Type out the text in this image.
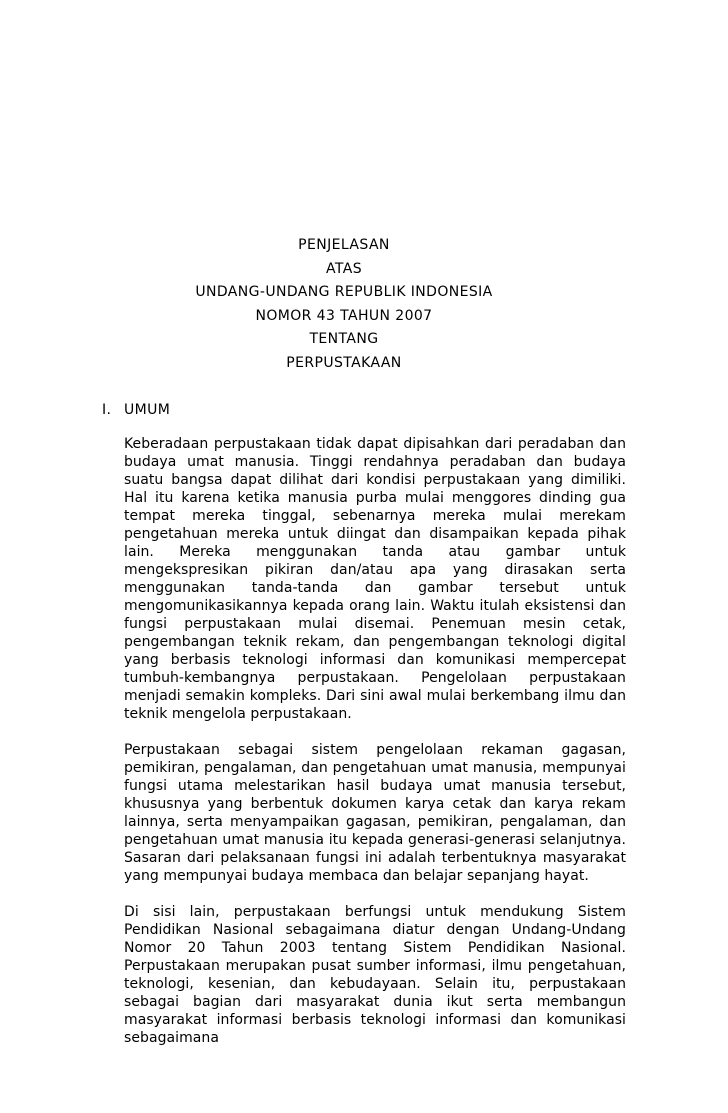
PENJELASAN
ATAS
UNDANG-UNDANG REPUBLIK INDONESIA
NOMOR 43 TAHUN 2007
TENTANG
PERPUSTAKAAN
I. UMUM

Keberadaan perpustakaan tidak dapat dipisahkan dari peradaban dan budaya umat manusia. Tinggi rendahnya peradaban dan budaya suatu bangsa dapat dilihat dari kondisi perpustakaan yang dimiliki. Hal itu karena ketika manusia purba mulai menggores dinding gua tempat mereka tinggal, sebenarnya mereka mulai merekam pengetahuan mereka untuk diingat dan disampaikan kepada pihak lain. Mereka menggunakan tanda atau gambar untuk mengekspresikan pikiran dan/atau apa yang dirasakan serta menggunakan tanda-tanda dan gambar tersebut untuk mengomunikasikannya kepada orang lain. Waktu itulah eksistensi dan fungsi perpustakaan mulai disemai. Penemuan mesin cetak, pengembangan teknik rekam, dan pengembangan teknologi digital yang berbasis teknologi informasi dan komunikasi mempercepat tumbuh-kembangnya perpustakaan. Pengelolaan perpustakaan menjadi semakin kompleks. Dari sini awal mulai berkembang ilmu dan teknik mengelola perpustakaan.

Perpustakaan sebagai sistem pengelolaan rekaman gagasan, pemikiran, pengalaman, dan pengetahuan umat manusia, mempunyai fungsi utama melestarikan hasil budaya umat manusia tersebut, khususnya yang berbentuk dokumen karya cetak dan karya rekam lainnya, serta menyampaikan gagasan, pemikiran, pengalaman, dan pengetahuan umat manusia itu kepada generasi-generasi selanjutnya. Sasaran dari pelaksanaan fungsi ini adalah terbentuknya masyarakat yang mempunyai budaya membaca dan belajar sepanjang hayat.

Di sisi lain, perpustakaan berfungsi untuk mendukung Sistem Pendidikan Nasional sebagaimana diatur dengan Undang-Undang Nomor 20 Tahun 2003 tentang Sistem Pendidikan Nasional. Perpustakaan merupakan pusat sumber informasi, ilmu pengetahuan, teknologi, kesenian, dan kebudayaan. Selain itu, perpustakaan sebagai bagian dari masyarakat dunia ikut serta membangun masyarakat informasi berbasis teknologi informasi dan komunikasi sebagaimana
